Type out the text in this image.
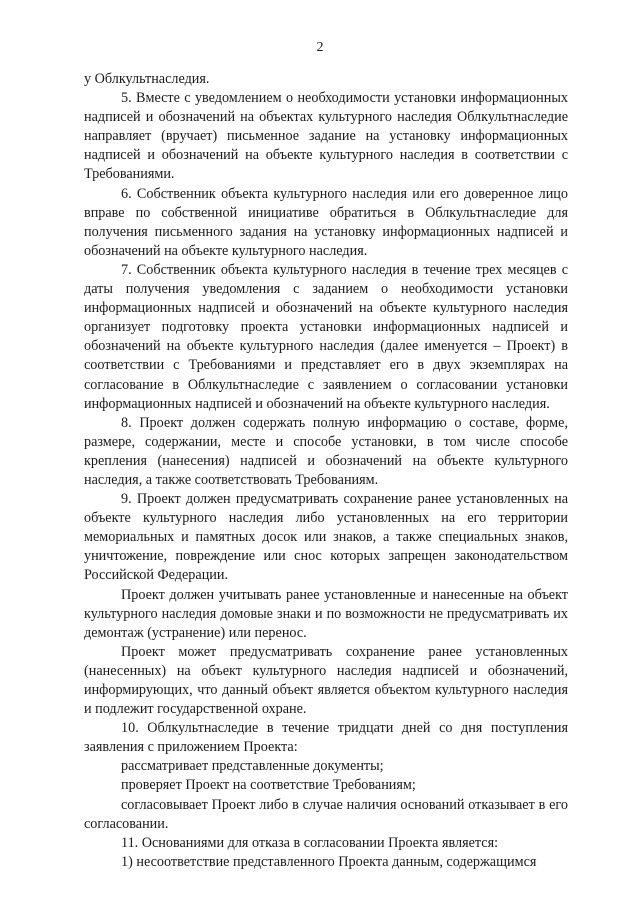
2

у Облкультнаследия.

5. Вместе с уведомлением о необходимости установки информационных надписей и обозначений на объектах культурного наследия Облкультнаследие направляет (вручает) письменное задание на установку информационных надписей и обозначений на объекте культурного наследия в соответствии с Требованиями.

6. Собственник объекта культурного наследия или его доверенное лицо вправе по собственной инициативе обратиться в Облкультнаследие для получения письменного задания на установку информационных надписей и обозначений на объекте культурного наследия.

7. Собственник объекта культурного наследия в течение трех месяцев с даты получения уведомления с заданием о необходимости установки информационных надписей и обозначений на объекте культурного наследия организует подготовку проекта установки информационных надписей и обозначений на объекте культурного наследия (далее именуется – Проект) в соответствии с Требованиями и представляет его в двух экземплярах на согласование в Облкультнаследие с заявлением о согласовании установки информационных надписей и обозначений на объекте культурного наследия.

8. Проект должен содержать полную информацию о составе, форме, размере, содержании, месте и способе установки, в том числе способе крепления (нанесения) надписей и обозначений на объекте культурного наследия, а также соответствовать Требованиям.

9. Проект должен предусматривать сохранение ранее установленных на объекте культурного наследия либо установленных на его территории мемориальных и памятных досок или знаков, а также специальных знаков, уничтожение, повреждение или снос которых запрещен законодательством Российской Федерации.

Проект должен учитывать ранее установленные и нанесенные на объект культурного наследия домовые знаки и по возможности не предусматривать их демонтаж (устранение) или перенос.

Проект может предусматривать сохранение ранее установленных (нанесенных) на объект культурного наследия надписей и обозначений, информирующих, что данный объект является объектом культурного наследия и подлежит государственной охране.

10. Облкультнаследие в течение тридцати дней со дня поступления заявления с приложением Проекта:

рассматривает представленные документы;

проверяет Проект на соответствие Требованиям;

согласовывает Проект либо в случае наличия оснований отказывает в его согласовании.

11. Основаниями для отказа в согласовании Проекта является:

1) несоответствие представленного Проекта данным, содержащимся
